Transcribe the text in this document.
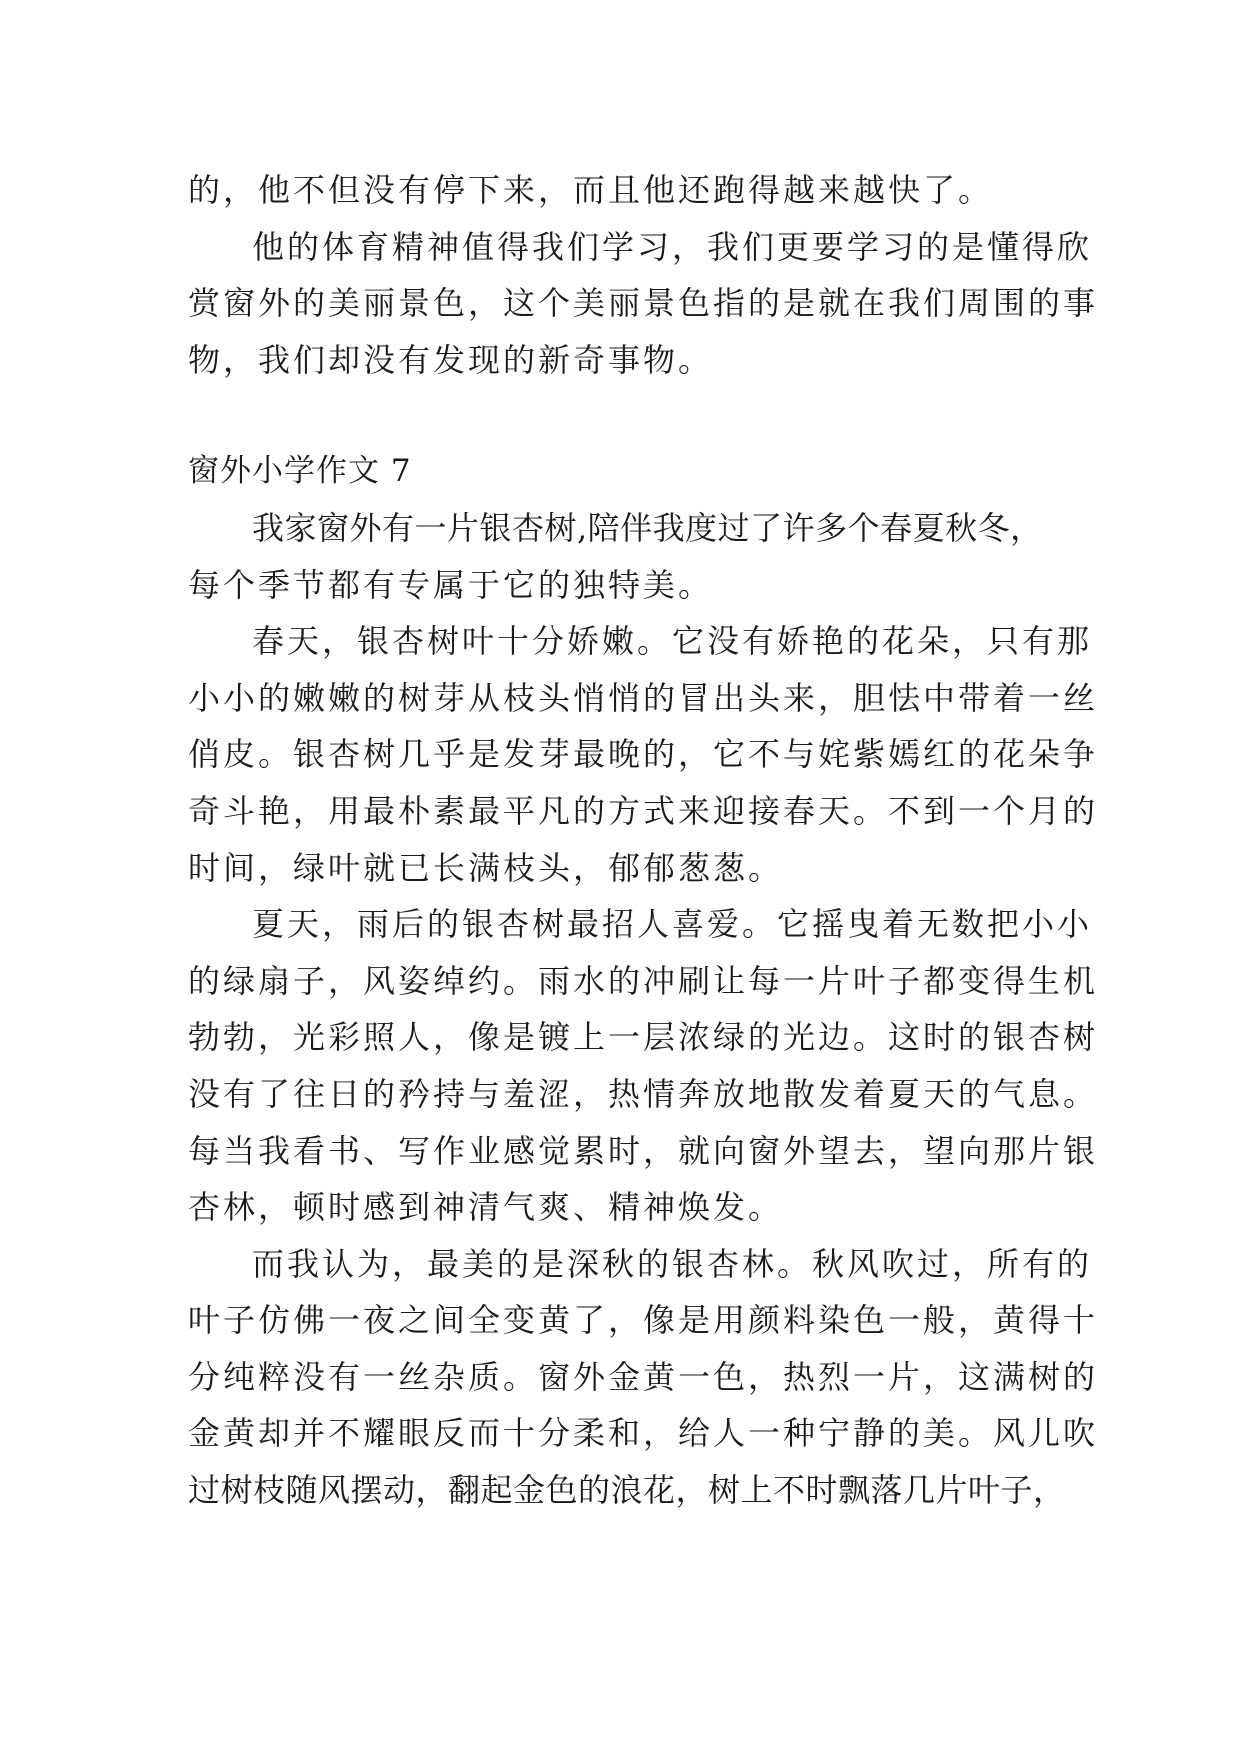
的，他不但没有停下来，而且他还跑得越来越快了。
他的体育精神值得我们学习，我们更要学习的是懂得欣
赏窗外的美丽景色，这个美丽景色指的是就在我们周围的事
物，我们却没有发现的新奇事物。
窗外小学作文 7
我家窗外有一片银杏树,陪伴我度过了许多个春夏秋冬，
每个季节都有专属于它的独特美。
春天，银杏树叶十分娇嫩。它没有娇艳的花朵，只有那
小小的嫩嫩的树芽从枝头悄悄的冒出头来，胆怯中带着一丝
俏皮。银杏树几乎是发芽最晚的，它不与姹紫嫣红的花朵争
奇斗艳，用最朴素最平凡的方式来迎接春天。不到一个月的
时间，绿叶就已长满枝头，郁郁葱葱。
夏天，雨后的银杏树最招人喜爱。它摇曳着无数把小小
的绿扇子，风姿绰约。雨水的冲刷让每一片叶子都变得生机
勃勃，光彩照人，像是镀上一层浓绿的光边。这时的银杏树
没有了往日的矜持与羞涩，热情奔放地散发着夏天的气息。
每当我看书、写作业感觉累时，就向窗外望去，望向那片银
杏林，顿时感到神清气爽、精神焕发。
而我认为，最美的是深秋的银杏林。秋风吹过，所有的
叶子仿佛一夜之间全变黄了，像是用颜料染色一般，黄得十
分纯粹没有一丝杂质。窗外金黄一色，热烈一片，这满树的
金黄却并不耀眼反而十分柔和，给人一种宁静的美。风儿吹
过树枝随风摆动，翻起金色的浪花，树上不时飘落几片叶子，
